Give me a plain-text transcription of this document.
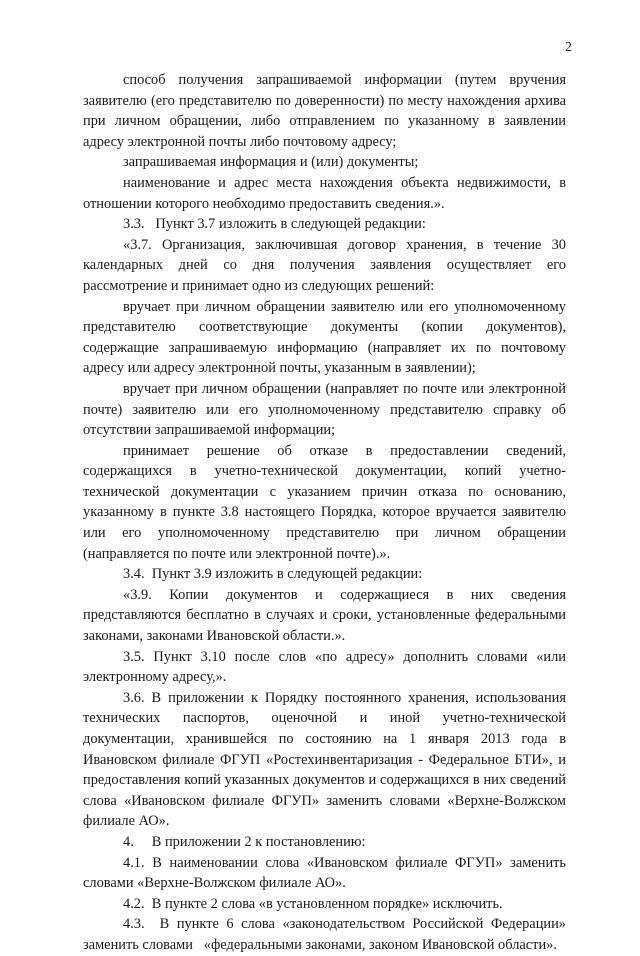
2

способ получения запрашиваемой информации (путем вручения заявителю (его представителю по доверенности) по месту нахождения архива при личном обращении, либо отправлением по указанному в заявлении адресу электронной почты либо почтовому адресу;

запрашиваемая информация и (или) документы;

наименование и адрес места нахождения объекта недвижимости, в отношении которого необходимо предоставить сведения.».

3.3.   Пункт 3.7 изложить в следующей редакции:

«3.7. Организация, заключившая договор хранения, в течение 30 календарных дней со дня получения заявления осуществляет его рассмотрение и принимает одно из следующих решений:

вручает при личном обращении заявителю или его уполномоченному представителю соответствующие документы (копии документов), содержащие запрашиваемую информацию (направляет их по почтовому адресу или адресу электронной почты, указанным в заявлении);

вручает при личном обращении (направляет по почте или электронной почте) заявителю или его уполномоченному представителю справку об отсутствии запрашиваемой информации;

принимает решение об отказе в предоставлении сведений, содержащихся в учетно-технической документации, копий учетно-технической документации с указанием причин отказа по основанию, указанному в пункте 3.8 настоящего Порядка, которое вручается заявителю или его уполномоченному представителю при личном обращении (направляется по почте или электронной почте).».

3.4.  Пункт 3.9 изложить в следующей редакции:

«3.9. Копии документов и содержащиеся в них сведения представляются бесплатно в случаях и сроки, установленные федеральными законами, законами Ивановской области.».

3.5. Пункт 3.10 после слов «по адресу» дополнить словами «или электронному адресу,».

3.6. В приложении к Порядку постоянного хранения, использования технических паспортов, оценочной и иной учетно-технической документации, хранившейся по состоянию на 1 января 2013 года в Ивановском филиале ФГУП «Ростехинвентаризация - Федеральное БТИ», и предоставления копий указанных документов и содержащихся в них сведений слова «Ивановском филиале ФГУП» заменить словами «Верхне-Волжском филиале АО».

4.     В приложении 2 к постановлению:

4.1. В наименовании слова «Ивановском филиале ФГУП» заменить словами «Верхне-Волжском филиале АО».

4.2.  В пункте 2 слова «в установленном порядке» исключить.

4.3.  В пункте 6 слова «законодательством Российской Федерации» заменить словами   «федеральными законами, законом Ивановской области».
